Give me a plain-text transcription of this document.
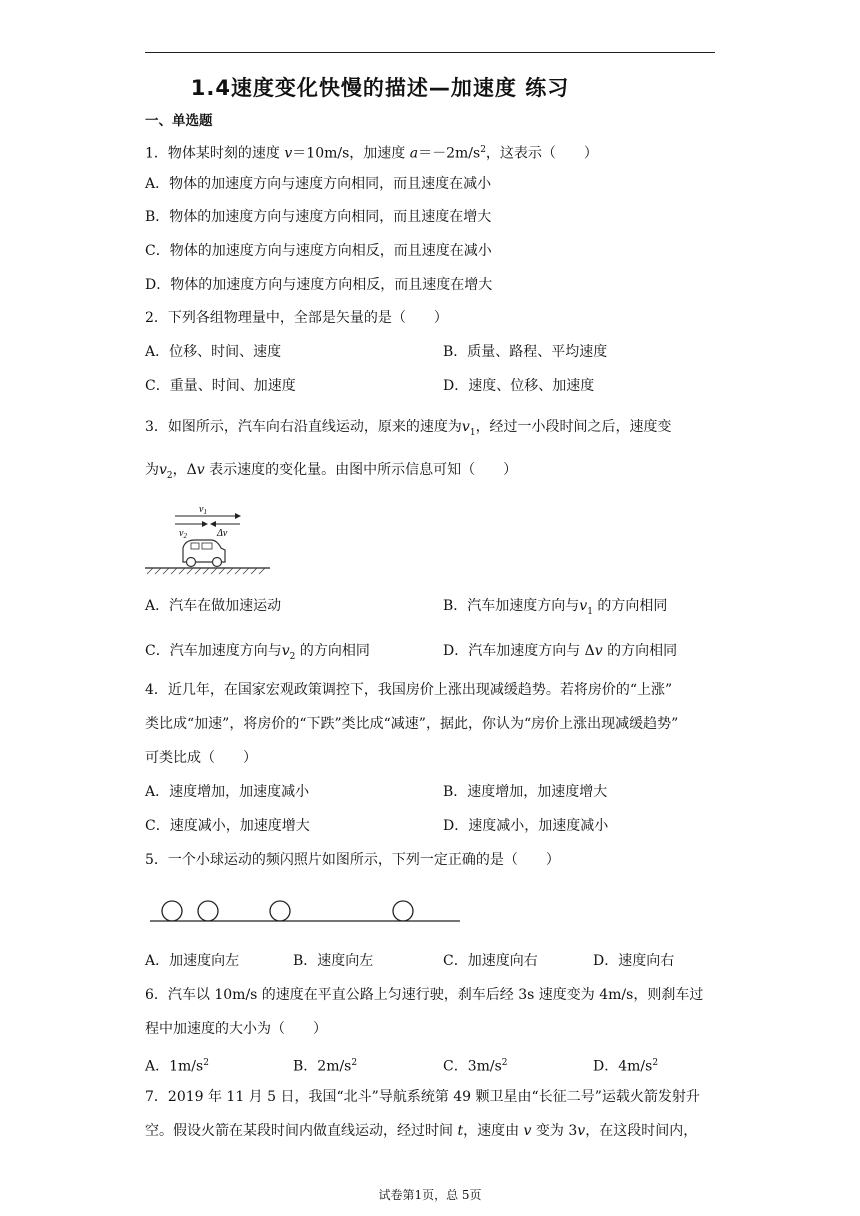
1.4速度变化快慢的描述—加速度 练习
一、单选题
1．物体某时刻的速度 v＝10m/s，加速度 $a=-2m/s^2$，这表示（　　）
A．物体的加速度方向与速度方向相同，而且速度在减小
B．物体的加速度方向与速度方向相同，而且速度在增大
C．物体的加速度方向与速度方向相反，而且速度在减小
D．物体的加速度方向与速度方向相反，而且速度在增大
2．下列各组物理量中，全部是矢量的是（　　）
A．位移、时间、速度	B．质量、路程、平均速度
C．重量、时间、加速度	D．速度、位移、加速度
3．如图所示，汽车向右沿直线运动，原来的速度为$v_1$，经过一小段时间之后，速度变
为$v_2$，Δv 表示速度的变化量。由图中所示信息可知（　　）
$v_1$
$v_2$	Δv
A．汽车在做加速运动	B．汽车加速度方向与$v_1$ 的方向相同
C．汽车加速度方向与$v_2$ 的方向相同	D．汽车加速度方向与 Δv 的方向相同
4．近几年，在国家宏观政策调控下，我国房价上涨出现减缓趋势。若将房价的“上涨”
类比成“加速”，将房价的“下跌”类比成“减速”，据此，你认为“房价上涨出现减缓趋势”
可类比成（　　）
A．速度增加，加速度减小	B．速度增加，加速度增大
C．速度减小，加速度增大	D．速度减小，加速度减小
5．一个小球运动的频闪照片如图所示，下列一定正确的是（　　）
A．加速度向左	B．速度向左	C．加速度向右	D．速度向右
6．汽车以 10m/s 的速度在平直公路上匀速行驶，刹车后经 3s 速度变为 4m/s，则刹车过
程中加速度的大小为（　　）
A．$1m/s^2$	B．$2m/s^2$	C．$3m/s^2$	D．$4m/s^2$
7．2019 年 11 月 5 日，我国“北斗”导航系统第 49 颗卫星由“长征二号”运载火箭发射升
空。假设火箭在某段时间内做直线运动，经过时间 t，速度由 v 变为 3v，在这段时间内，
试卷第1页，总 5页
